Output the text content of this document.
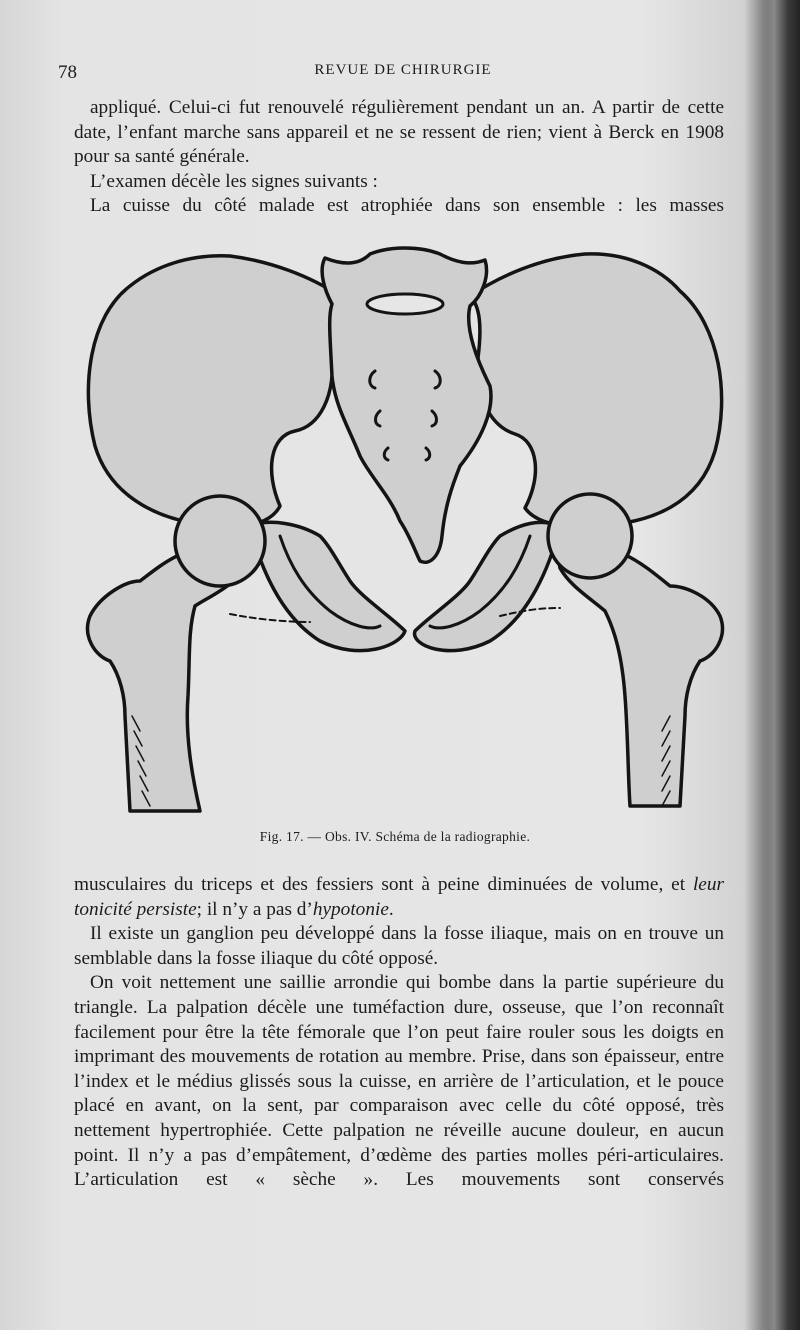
78	REVUE DE CHIRURGIE

appliqué. Celui-ci fut renouvelé régulièrement pendant un an. A partir de cette date, l’enfant marche sans appareil et ne se ressent de rien; vient à Berck en 1908 pour sa santé générale.

L’examen décèle les signes suivants :

La cuisse du côté malade est atrophiée dans son ensemble : les masses

Fig. 17. — Obs. IV. Schéma de la radiographie.

musculaires du triceps et des fessiers sont à peine diminuées de volume, et leur tonicité persiste; il n’y a pas d’hypotonie.

Il existe un ganglion peu développé dans la fosse iliaque, mais on en trouve un semblable dans la fosse iliaque du côté opposé.

On voit nettement une saillie arrondie qui bombe dans la partie supérieure du triangle. La palpation décèle une tuméfaction dure, osseuse, que l’on reconnaît facilement pour être la tête fémorale que l’on peut faire rouler sous les doigts en imprimant des mouvements de rotation au membre. Prise, dans son épaisseur, entre l’index et le médius glissés sous la cuisse, en arrière de l’articulation, et le pouce placé en avant, on la sent, par comparaison avec celle du côté opposé, très nettement hypertrophiée. Cette palpation ne réveille aucune douleur, en aucun point. Il n’y a pas d’empâtement, d’œdème des parties molles péri-articulaires. L’articulation est « sèche ». Les mouvements sont conservés
